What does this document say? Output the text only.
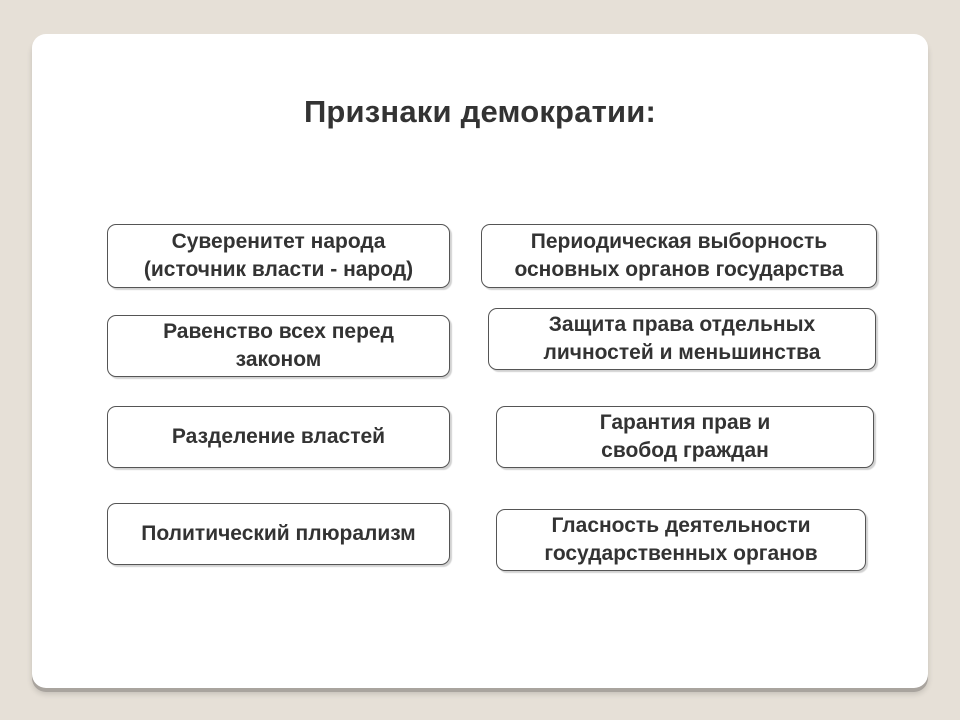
Признаки демократии:
Суверенитет народа
(источник власти - народ)
Равенство всех перед
законом
Разделение властей
Политический плюрализм
Периодическая выборность
основных органов государства
Защита права отдельных
личностей и меньшинства
Гарантия прав и
свобод граждан
Гласность деятельности
государственных органов
